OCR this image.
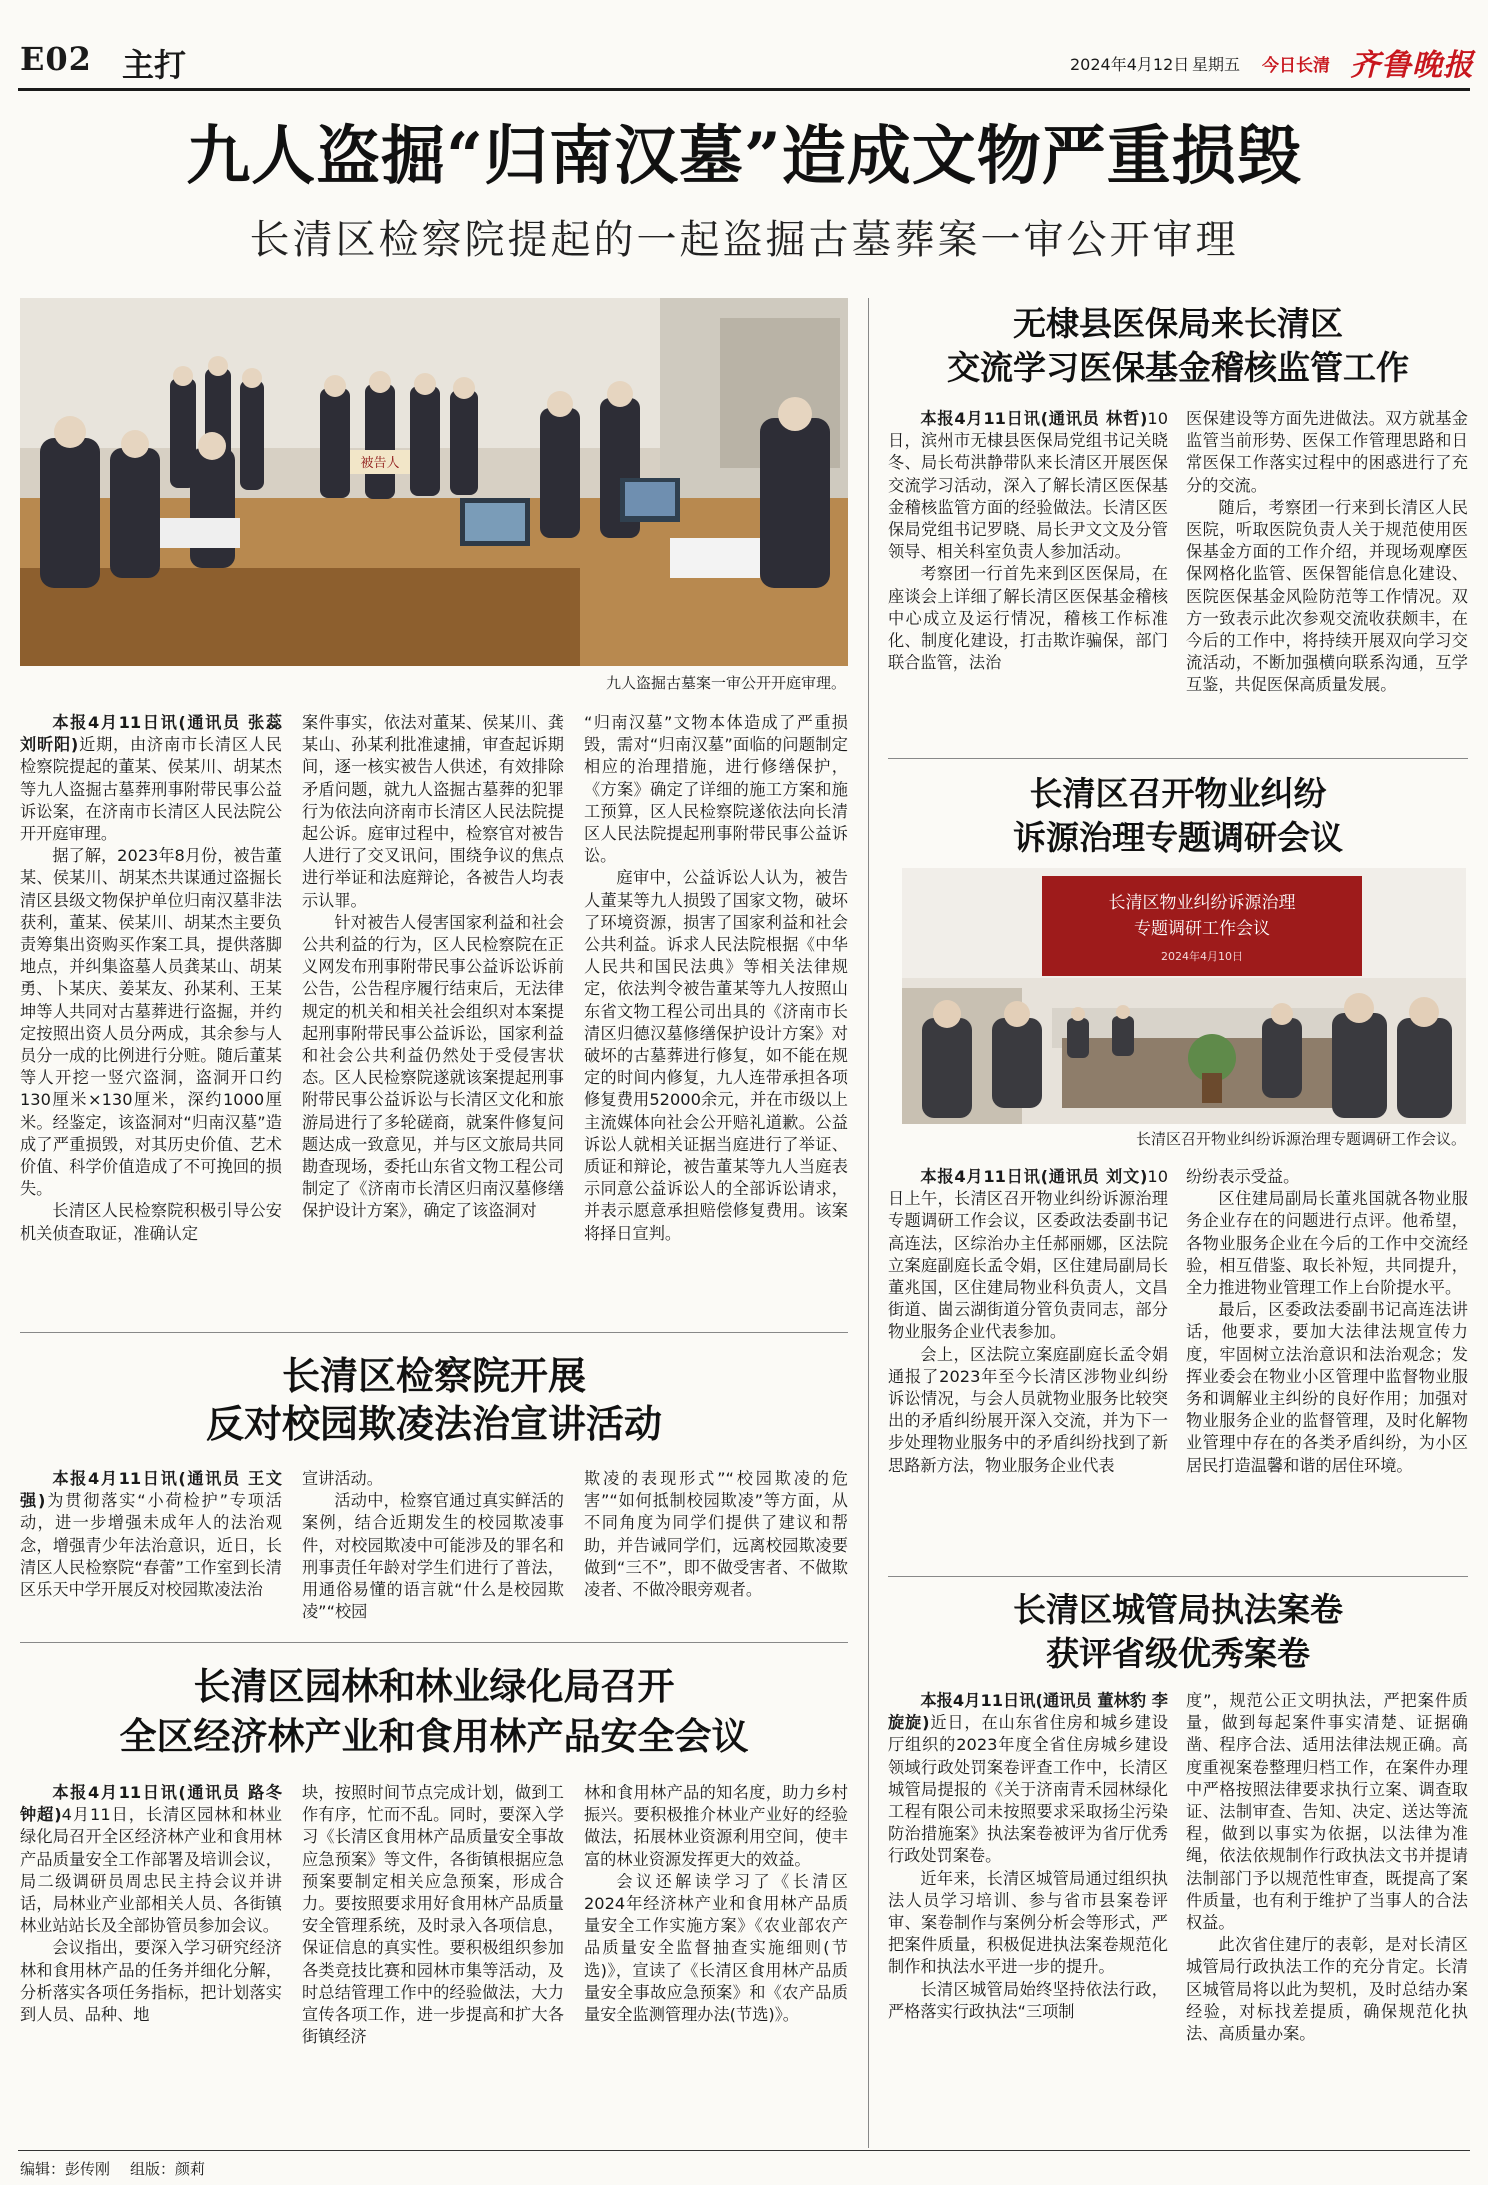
E02 主打	2024年4月12日 星期五 今日长清 齐鲁晚报
九人盗掘“归南汉墓”造成文物严重损毁
长清区检察院提起的一起盗掘古墓葬案一审公开审理
被告人
九人盗掘古墓案一审公开开庭审理。

本报4月11日讯(通讯员 张蕊 刘昕阳)近期，由济南市长清区人民检察院提起的董某、侯某川、胡某杰等九人盗掘古墓葬刑事附带民事公益诉讼案，在济南市长清区人民法院公开开庭审理。

据了解，2023年8月份，被告董某、侯某川、胡某杰共谋通过盗掘长清区县级文物保护单位归南汉墓非法获利，董某、侯某川、胡某杰主要负责筹集出资购买作案工具，提供落脚地点，并纠集盗墓人员龚某山、胡某勇、卜某庆、姜某友、孙某利、王某坤等人共同对古墓葬进行盗掘，并约定按照出资人员分两成，其余参与人员分一成的比例进行分赃。随后董某等人开挖一竖穴盗洞，盗洞开口约130厘米×130厘米，深约1000厘米。经鉴定，该盗洞对“归南汉墓”造成了严重损毁，对其历史价值、艺术价值、科学价值造成了不可挽回的损失。

长清区人民检察院积极引导公安机关侦查取证，准确认定

案件事实，依法对董某、侯某川、龚某山、孙某利批准逮捕，审查起诉期间，逐一核实被告人供述，有效排除矛盾问题，就九人盗掘古墓葬的犯罪行为依法向济南市长清区人民法院提起公诉。庭审过程中，检察官对被告人进行了交叉讯问，围绕争议的焦点进行举证和法庭辩论，各被告人均表示认罪。

针对被告人侵害国家利益和社会公共利益的行为，区人民检察院在正义网发布刑事附带民事公益诉讼诉前公告，公告程序履行结束后，无法律规定的机关和相关社会组织对本案提起刑事附带民事公益诉讼，国家利益和社会公共利益仍然处于受侵害状态。区人民检察院遂就该案提起刑事附带民事公益诉讼与长清区文化和旅游局进行了多轮磋商，就案件修复问题达成一致意见，并与区文旅局共同勘查现场，委托山东省文物工程公司制定了《济南市长清区归南汉墓修缮保护设计方案》，确定了该盗洞对

“归南汉墓”文物本体造成了严重损毁，需对“归南汉墓”面临的问题制定相应的治理措施，进行修缮保护，《方案》确定了详细的施工方案和施工预算，区人民检察院遂依法向长清区人民法院提起刑事附带民事公益诉讼。

庭审中，公益诉讼人认为，被告人董某等九人损毁了国家文物，破坏了环境资源，损害了国家利益和社会公共利益。诉求人民法院根据《中华人民共和国民法典》等相关法律规定，依法判令被告董某等九人按照山东省文物工程公司出具的《济南市长清区归德汉墓修缮保护设计方案》对破坏的古墓葬进行修复，如不能在规定的时间内修复，九人连带承担各项修复费用52000余元，并在市级以上主流媒体向社会公开赔礼道歉。公益诉讼人就相关证据当庭进行了举证、质证和辩论，被告董某等九人当庭表示同意公益诉讼人的全部诉讼请求，并表示愿意承担赔偿修复费用。该案将择日宣判。

长清区检察院开展
反对校园欺凌法治宣讲活动

本报4月11日讯(通讯员 王文强)为贯彻落实“小荷检护”专项活动，进一步增强未成年人的法治观念，增强青少年法治意识，近日，长清区人民检察院“春蕾”工作室到长清区乐天中学开展反对校园欺凌法治

宣讲活动。

活动中，检察官通过真实鲜活的案例，结合近期发生的校园欺凌事件，对校园欺凌中可能涉及的罪名和刑事责任年龄对学生们进行了普法，用通俗易懂的语言就“什么是校园欺凌”“校园

欺凌的表现形式”“校园欺凌的危害”“如何抵制校园欺凌”等方面，从不同角度为同学们提供了建议和帮助，并告诫同学们，远离校园欺凌要做到“三不”，即不做受害者、不做欺凌者、不做冷眼旁观者。

长清区园林和林业绿化局召开
全区经济林产业和食用林产品安全会议

本报4月11日讯(通讯员 路冬 钟超)4月11日，长清区园林和林业绿化局召开全区经济林产业和食用林产品质量安全工作部署及培训会议，局二级调研员周忠民主持会议并讲话，局林业产业部相关人员、各街镇林业站站长及全部协管员参加会议。

会议指出，要深入学习研究经济林和食用林产品的任务并细化分解，分析落实各项任务指标，把计划落实到人员、品种、地

块，按照时间节点完成计划，做到工作有序，忙而不乱。同时，要深入学习《长清区食用林产品质量安全事故应急预案》等文件，各街镇根据应急预案要制定相关应急预案，形成合力。要按照要求用好食用林产品质量安全管理系统，及时录入各项信息，保证信息的真实性。要积极组织参加各类竞技比赛和园林市集等活动，及时总结管理工作中的经验做法，大力宣传各项工作，进一步提高和扩大各街镇经济

林和食用林产品的知名度，助力乡村振兴。要积极推介林业产业好的经验做法，拓展林业资源利用空间，使丰富的林业资源发挥更大的效益。

会议还解读学习了《长清区2024年经济林产业和食用林产品质量安全工作实施方案》《农业部农产品质量安全监督抽查实施细则(节选)》，宣读了《长清区食用林产品质量安全事故应急预案》和《农产品质量安全监测管理办法(节选)》。

无棣县医保局来长清区
交流学习医保基金稽核监管工作

本报4月11日讯(通讯员 林哲)10日，滨州市无棣县医保局党组书记关晓冬、局长苟洪静带队来长清区开展医保交流学习活动，深入了解长清区医保基金稽核监管方面的经验做法。长清区医保局党组书记罗晓、局长尹文文及分管领导、相关科室负责人参加活动。

考察团一行首先来到区医保局，在座谈会上详细了解长清区医保基金稽核中心成立及运行情况，稽核工作标准化、制度化建设，打击欺诈骗保，部门联合监管，法治

医保建设等方面先进做法。双方就基金监管当前形势、医保工作管理思路和日常医保工作落实过程中的困惑进行了充分的交流。

随后，考察团一行来到长清区人民医院，听取医院负责人关于规范使用医保基金方面的工作介绍，并现场观摩医保网格化监管、医保智能信息化建设、医院医保基金风险防范等工作情况。双方一致表示此次参观交流收获颇丰，在今后的工作中，将持续开展双向学习交流活动，不断加强横向联系沟通，互学互鉴，共促医保高质量发展。

长清区召开物业纠纷
诉源治理专题调研会议
长清区物业纠纷诉源治理
专题调研工作会议
2024年4月10日
长清区召开物业纠纷诉源治理专题调研工作会议。

本报4月11日讯(通讯员 刘文)10日上午，长清区召开物业纠纷诉源治理专题调研工作会议，区委政法委副书记高连法，区综治办主任郝丽娜，区法院立案庭副庭长孟令娟，区住建局副局长董兆国，区住建局物业科负责人，文昌街道、崮云湖街道分管负责同志，部分物业服务企业代表参加。

会上，区法院立案庭副庭长孟令娟通报了2023年至今长清区涉物业纠纷诉讼情况，与会人员就物业服务比较突出的矛盾纠纷展开深入交流，并为下一步处理物业服务中的矛盾纠纷找到了新思路新方法，物业服务企业代表

纷纷表示受益。

区住建局副局长董兆国就各物业服务企业存在的问题进行点评。他希望，各物业服务企业在今后的工作中交流经验，相互借鉴、取长补短，共同提升，全力推进物业管理工作上台阶提水平。

最后，区委政法委副书记高连法讲话，他要求，要加大法律法规宣传力度，牢固树立法治意识和法治观念；发挥业委会在物业小区管理中监督物业服务和调解业主纠纷的良好作用；加强对物业服务企业的监督管理，及时化解物业管理中存在的各类矛盾纠纷，为小区居民打造温馨和谐的居住环境。

长清区城管局执法案卷
获评省级优秀案卷

本报4月11日讯(通讯员 董林豹 李旋旋)近日，在山东省住房和城乡建设厅组织的2023年度全省住房城乡建设领域行政处罚案卷评查工作中，长清区城管局提报的《关于济南青禾园林绿化工程有限公司未按照要求采取扬尘污染防治措施案》执法案卷被评为省厅优秀行政处罚案卷。

近年来，长清区城管局通过组织执法人员学习培训、参与省市县案卷评审、案卷制作与案例分析会等形式，严把案件质量，积极促进执法案卷规范化制作和执法水平进一步的提升。

长清区城管局始终坚持依法行政，严格落实行政执法“三项制

度”，规范公正文明执法，严把案件质量，做到每起案件事实清楚、证据确凿、程序合法、适用法律法规正确。高度重视案卷整理归档工作，在案件办理中严格按照法律要求执行立案、调查取证、法制审查、告知、决定、送达等流程，做到以事实为依据，以法律为准绳，依法依规制作行政执法文书并提请法制部门予以规范性审查，既提高了案件质量，也有利于维护了当事人的合法权益。

此次省住建厅的表彰，是对长清区城管局行政执法工作的充分肯定。长清区城管局将以此为契机，及时总结办案经验，对标找差提质，确保规范化执法、高质量办案。

编辑：彭传刚 组版：颜莉
